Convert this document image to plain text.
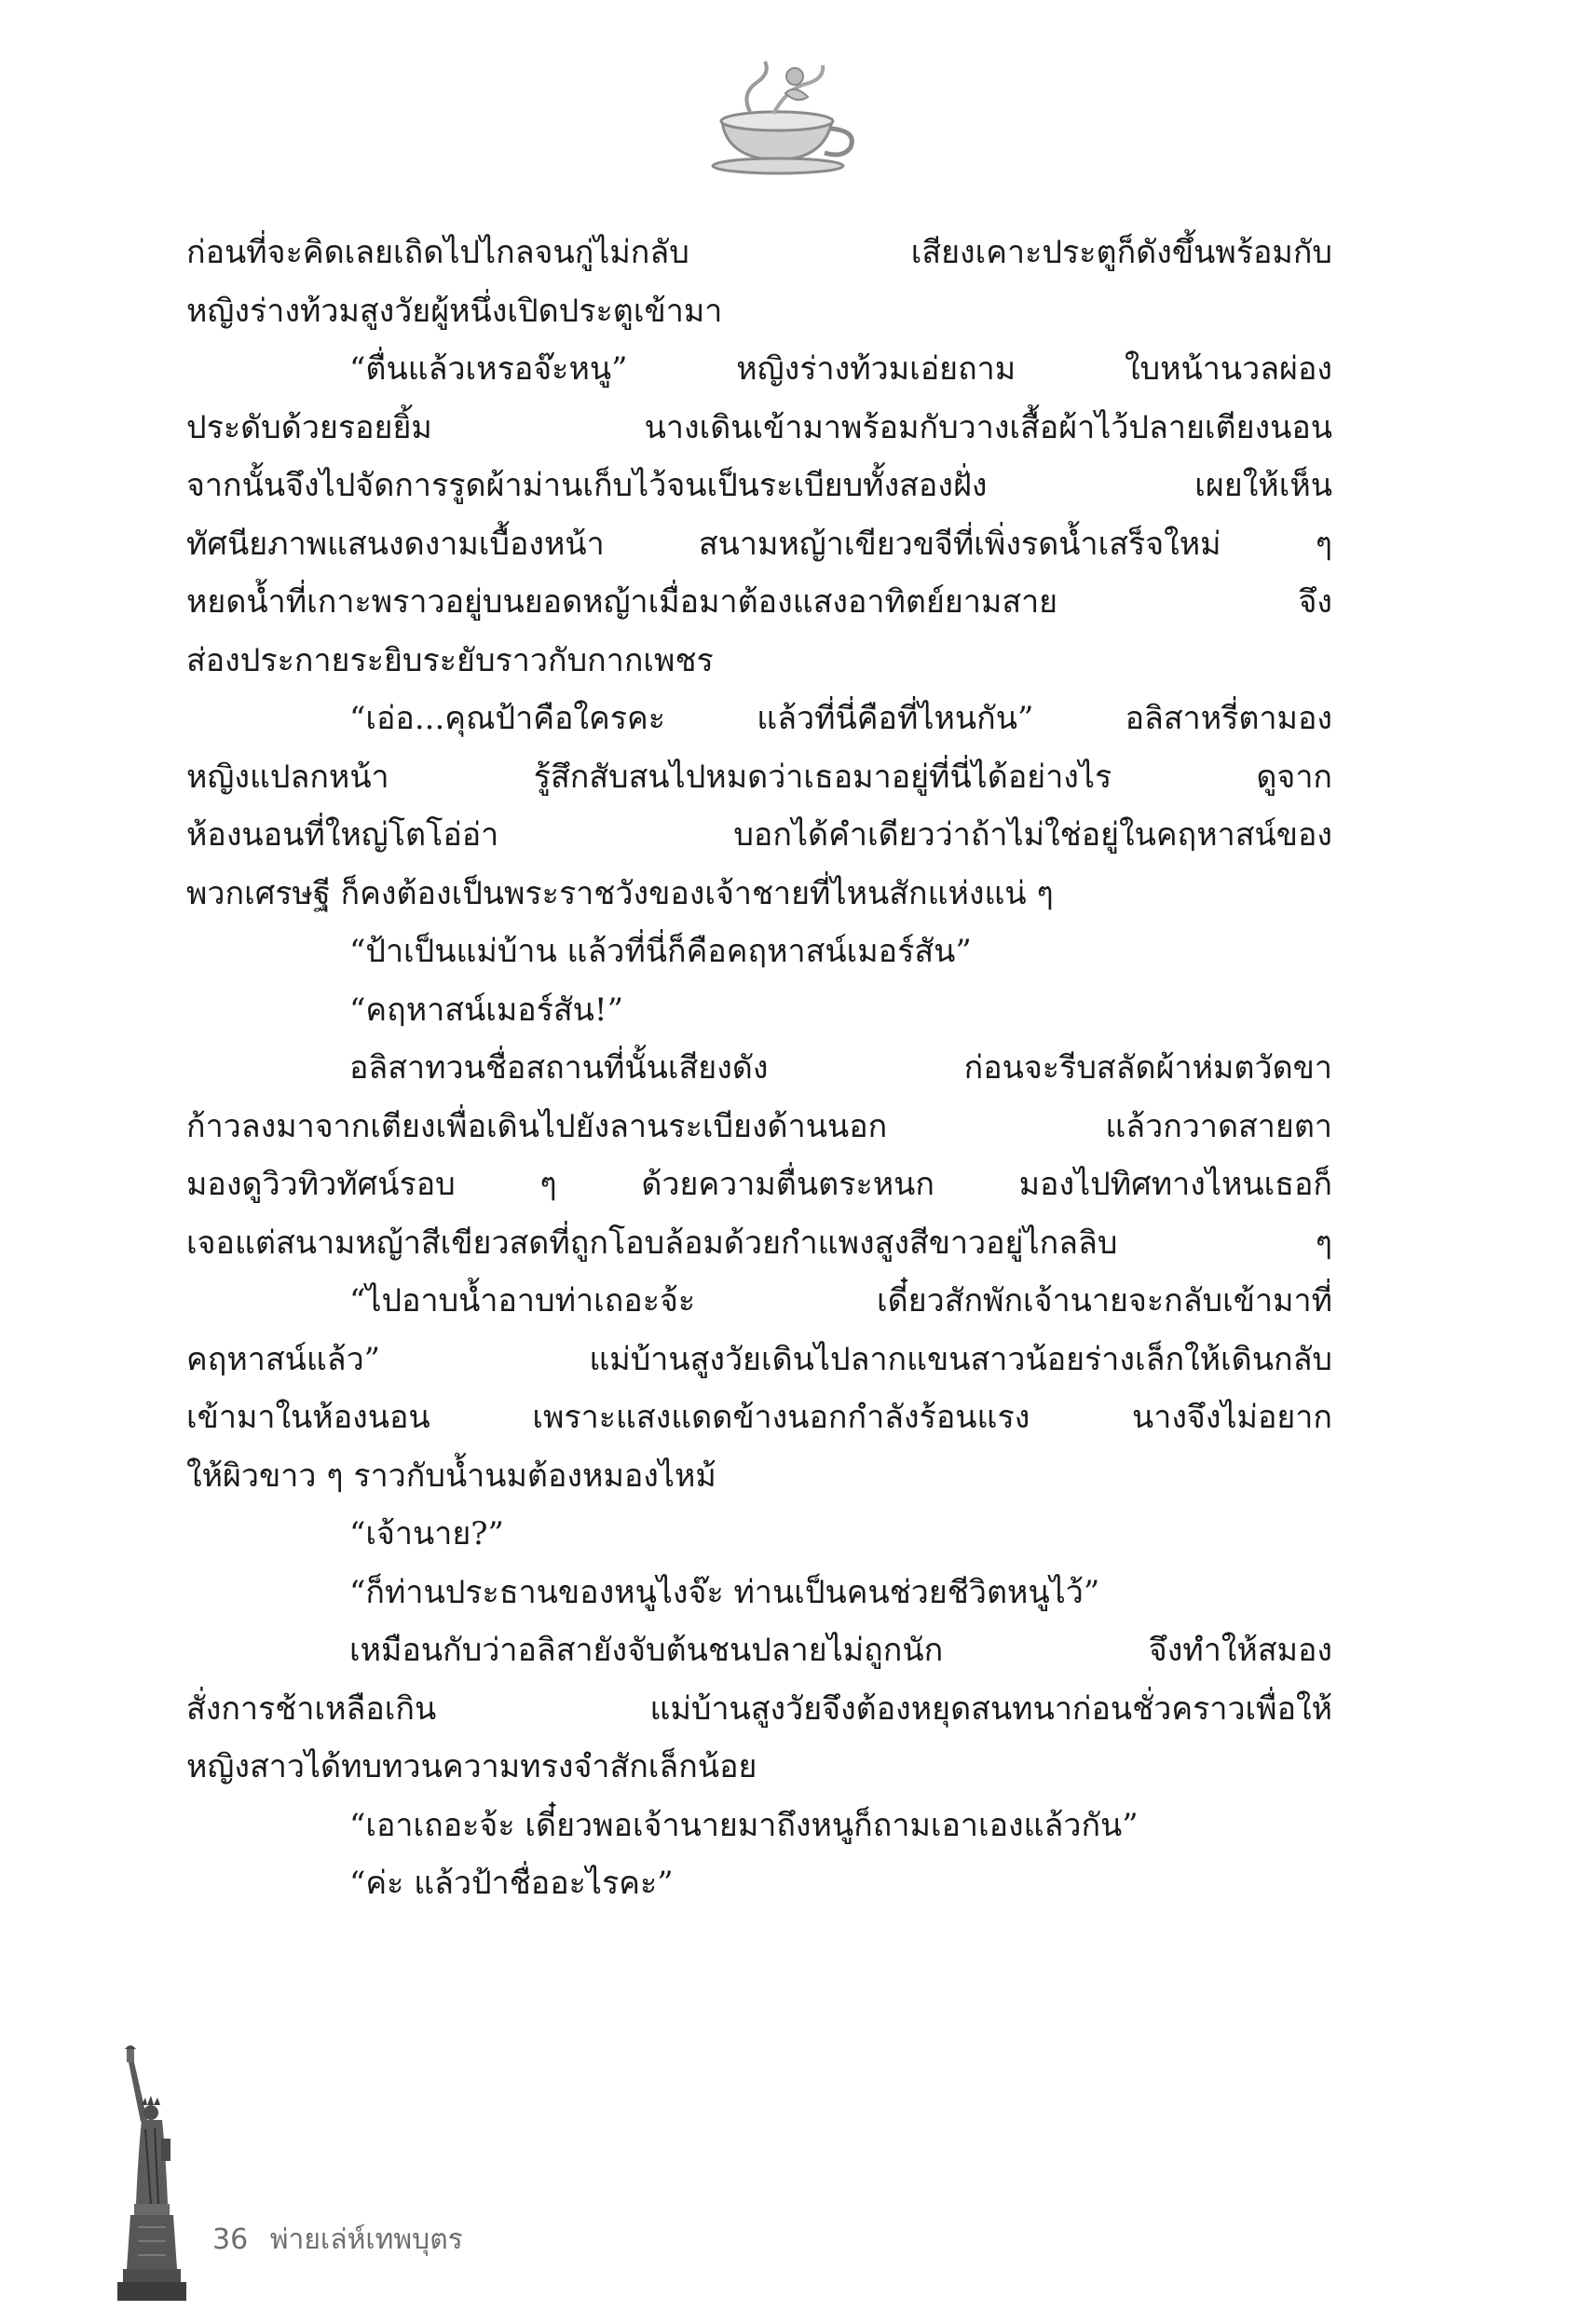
ก่อนที่จะคิดเลยเถิดไปไกลจนกู่ไม่กลับ เสียงเคาะประตูก็ดังขึ้นพร้อมกับ
หญิงร่างท้วมสูงวัยผู้หนึ่งเปิดประตูเข้ามา
“ตื่นแล้วเหรอจ๊ะหนู” หญิงร่างท้วมเอ่ยถาม ใบหน้านวลผ่อง
ประดับด้วยรอยยิ้ม นางเดินเข้ามาพร้อมกับวางเสื้อผ้าไว้ปลายเตียงนอน
จากนั้นจึงไปจัดการรูดผ้าม่านเก็บไว้จนเป็นระเบียบทั้งสองฝั่ง เผยให้เห็น
ทัศนียภาพแสนงดงามเบื้องหน้า สนามหญ้าเขียวขจีที่เพิ่งรดน้ำเสร็จใหม่ ๆ
หยดน้ำที่เกาะพราวอยู่บนยอดหญ้าเมื่อมาต้องแสงอาทิตย์ยามสาย จึง
ส่องประกายระยิบระยับราวกับกากเพชร
“เอ่อ...คุณป้าคือใครคะ แล้วที่นี่คือที่ไหนกัน” อลิสาหรี่ตามอง
หญิงแปลกหน้า รู้สึกสับสนไปหมดว่าเธอมาอยู่ที่นี่ได้อย่างไร ดูจาก
ห้องนอนที่ใหญ่โตโอ่อ่า บอกได้คำเดียวว่าถ้าไม่ใช่อยู่ในคฤหาสน์ของ
พวกเศรษฐี ก็คงต้องเป็นพระราชวังของเจ้าชายที่ไหนสักแห่งแน่ ๆ
“ป้าเป็นแม่บ้าน แล้วที่นี่ก็คือคฤหาสน์เมอร์สัน”
“คฤหาสน์เมอร์สัน!”
อลิสาทวนชื่อสถานที่นั้นเสียงดัง ก่อนจะรีบสลัดผ้าห่มตวัดขา
ก้าวลงมาจากเตียงเพื่อเดินไปยังลานระเบียงด้านนอก แล้วกวาดสายตา
มองดูวิวทิวทัศน์รอบ ๆ ด้วยความตื่นตระหนก มองไปทิศทางไหนเธอก็
เจอแต่สนามหญ้าสีเขียวสดที่ถูกโอบล้อมด้วยกำแพงสูงสีขาวอยู่ไกลลิบ ๆ
“ไปอาบน้ำอาบท่าเถอะจ้ะ เดี๋ยวสักพักเจ้านายจะกลับเข้ามาที่
คฤหาสน์แล้ว” แม่บ้านสูงวัยเดินไปลากแขนสาวน้อยร่างเล็กให้เดินกลับ
เข้ามาในห้องนอน เพราะแสงแดดข้างนอกกำลังร้อนแรง นางจึงไม่อยาก
ให้ผิวขาว ๆ ราวกับน้ำนมต้องหมองไหม้
“เจ้านาย?”
“ก็ท่านประธานของหนูไงจ๊ะ ท่านเป็นคนช่วยชีวิตหนูไว้”
เหมือนกับว่าอลิสายังจับต้นชนปลายไม่ถูกนัก จึงทำให้สมอง
สั่งการช้าเหลือเกิน แม่บ้านสูงวัยจึงต้องหยุดสนทนาก่อนชั่วคราวเพื่อให้
หญิงสาวได้ทบทวนความทรงจำสักเล็กน้อย
“เอาเถอะจ้ะ เดี๋ยวพอเจ้านายมาถึงหนูก็ถามเอาเองแล้วกัน”
“ค่ะ แล้วป้าชื่ออะไรคะ”
36 พ่ายเล่ห์เทพบุตร
